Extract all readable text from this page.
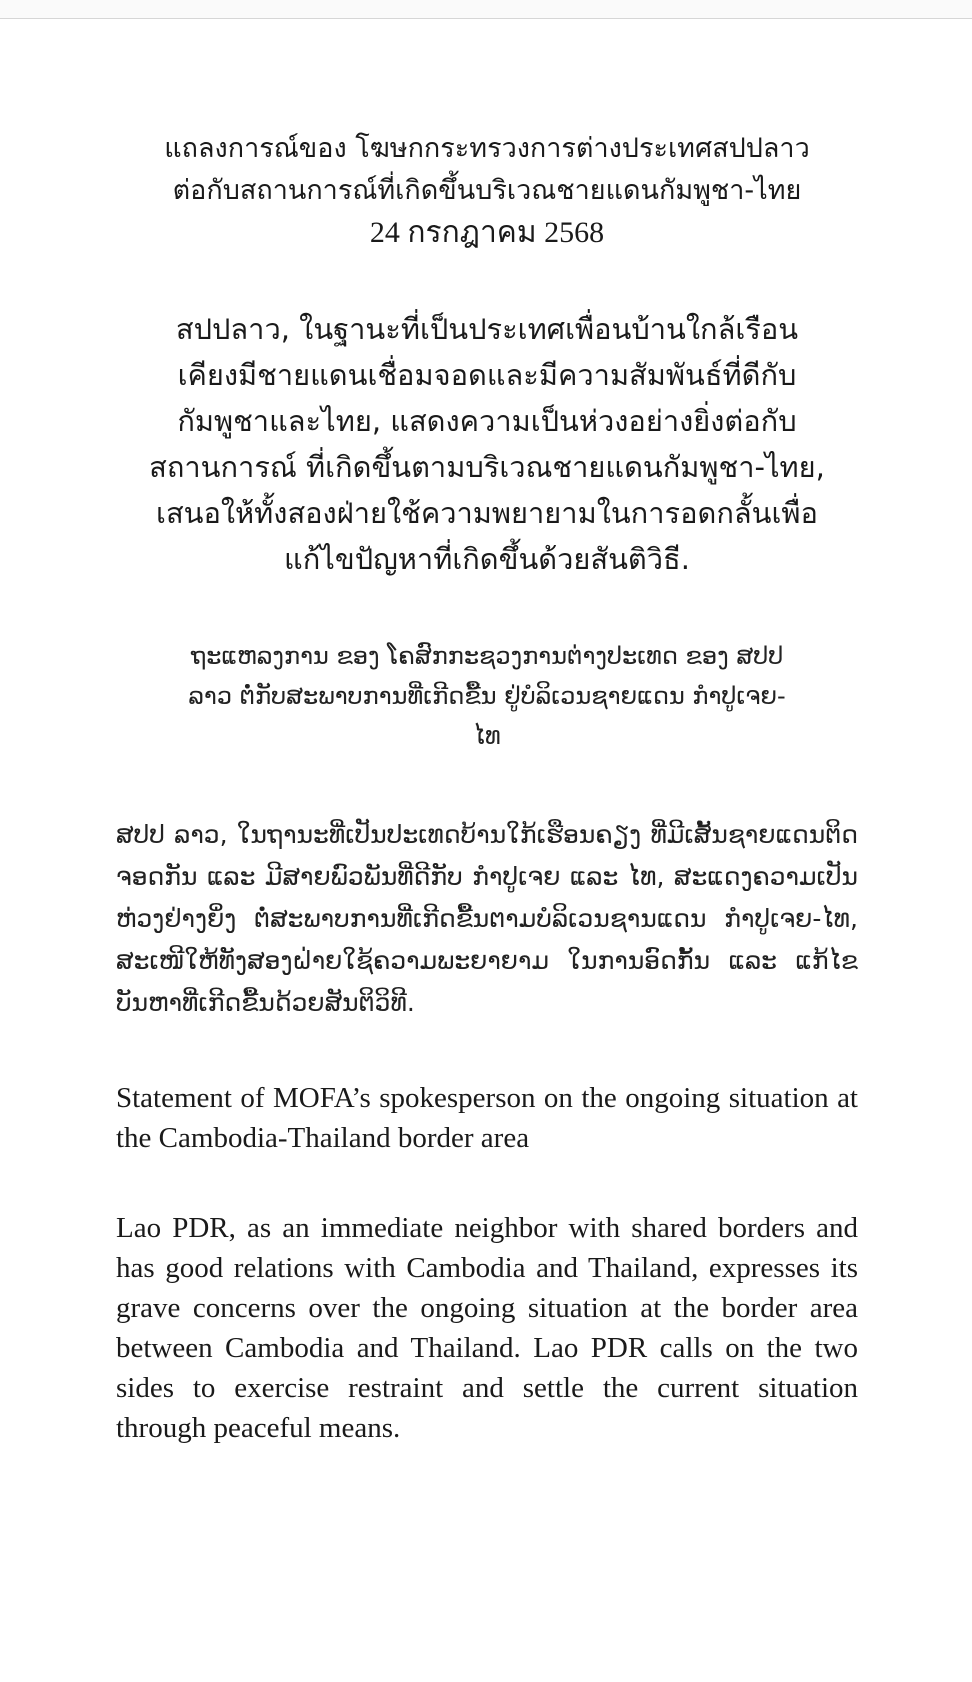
แถลงการณ์ของ โฆษกกระทรวงการต่างประเทศสปปลาว
ต่อกับสถานการณ์ที่เกิดขึ้นบริเวณชายแดนกัมพูชา-ไทย
24 กรกฎาคม 2568

สปปลาว, ในฐานะที่เป็นประเทศเพื่อนบ้านใกล้เรือน
เคียงมีชายแดนเชื่อมจอดและมีความสัมพันธ์ที่ดีกับ
กัมพูชาและไทย, แสดงความเป็นห่วงอย่างยิ่งต่อกับ
สถานการณ์ ที่เกิดขึ้นตามบริเวณชายแดนกัมพูชา-ไทย,
เสนอให้ทั้งสองฝ่ายใช้ความพยายามในการอดกลั้นเพื่อ
แก้ไขปัญหาที่เกิดขึ้นด้วยสันติวิธี.

ຖະແຫລງການ ຂອງ ໂຄສົກກະຊວງການຕ່າງປະເທດ ຂອງ ສປປ
ລາວ ຕໍ່ກັບສະພາບການທີ່ເກີດຂື້ນ ຢູ່ບໍລິເວນຊາຍແດນ ກໍາປູເຈຍ-
ໄທ

ສປປ ລາວ, ໃນຖານະທີ່ເປັນປະເທດບ້ານໃກ້ເຮືອນຄຽງ ທີ່ມີເສັ້ນຊາຍແດນຕິດຈອດກັນ ແລະ ມີສາຍພົວພັນທີ່ດີກັບ ກໍາປູເຈຍ ແລະ ໄທ, ສະແດງຄວາມເປັນຫ່ວງຢ່າງຍິ່ງ ຕໍ່ສະພາບການທີ່ເກີດຂື້ນຕາມບໍລິເວນຊານແດນ ກໍາປູເຈຍ-ໄທ, ສະເໜີໃຫ້ທັງສອງຝ່າຍໃຊ້ຄວາມພະຍາຍາມ ໃນການອົດກັ້ນ ແລະ ແກ້ໄຂບັນຫາທີ່ເກີດຂື້ນດ້ວຍສັນຕິວິທີ.

Statement of MOFA’s spokesperson on the ongoing situation at the Cambodia-Thailand border area

Lao PDR, as an immediate neighbor with shared borders and has good relations with Cambodia and Thailand, expresses its grave concerns over the ongoing situation at the border area between Cambodia and Thailand. Lao PDR calls on the two sides to exercise restraint and settle the current situation through peaceful means.
